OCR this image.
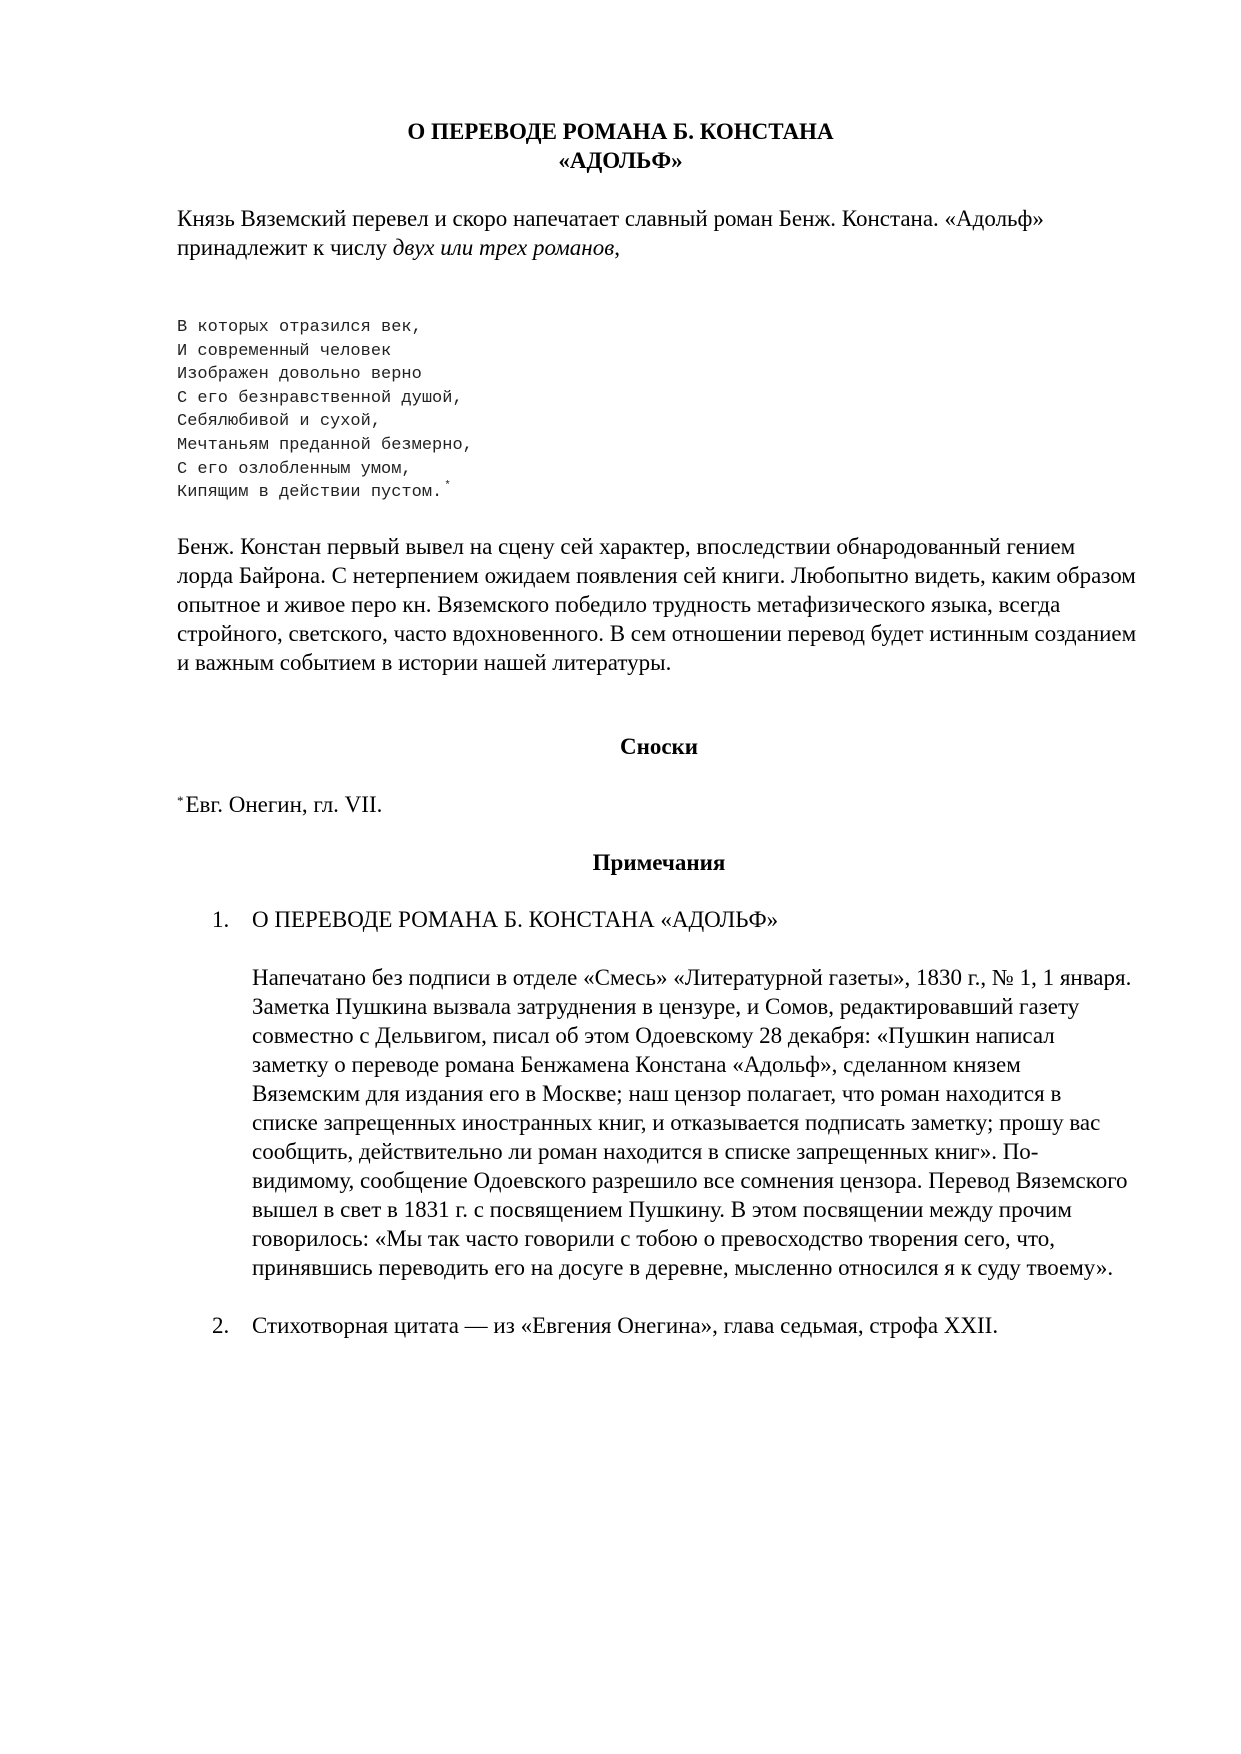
О ПЕРЕВОДЕ РОМАНА Б. КОНСТАНА
«АДОЛЬФ»

Князь Вяземский перевел и скоро напечатает славный роман Бенж. Констана. «Адольф» принадлежит к числу двух или трех романов,

В которых отразился век,
И современный человек
Изображен довольно верно
С его безнравственной душой,
Себялюбивой и сухой,
Мечтаньям преданной безмерно,
С его озлобленным умом,
Кипящим в действии пустом. *

Бенж. Констан первый вывел на сцену сей характер, впоследствии обнародованный гением лорда Байрона. С нетерпением ожидаем появления сей книги. Любопытно видеть, каким образом опытное и живое перо кн. Вяземского победило трудность метафизического языка, всегда стройного, светского, часто вдохновенного. В сем отношении перевод будет истинным созданием и важным событием в истории нашей литературы.

Сноски

*Евг. Онегин, гл. VII.

Примечания
1. О ПЕРЕВОДЕ РОМАНА Б. КОНСТАНА «АДОЛЬФ»
Напечатано без подписи в отделе «Смесь» «Литературной газеты», 1830 г., № 1, 1 января. Заметка Пушкина вызвала затруднения в цензуре, и Сомов, редактировавший газету совместно с Дельвигом, писал об этом Одоевскому 28 декабря: «Пушкин написал заметку о переводе романа Бенжамена Констана «Адольф», сделанном князем Вяземским для издания его в Москве; наш цензор полагает, что роман находится в списке запрещенных иностранных книг, и отказывается подписать заметку; прошу вас сообщить, действительно ли роман находится в списке запрещенных книг». По-видимому, сообщение Одоевского разрешило все сомнения цензора. Перевод Вяземского вышел в свет в 1831 г. с посвящением Пушкину. В этом посвящении между прочим говорилось: «Мы так часто говорили с тобою о превосходство творения сего, что, принявшись переводить его на досуге в деревне, мысленно относился я к суду твоему».
2. Стихотворная цитата — из «Евгения Онегина», глава седьмая, строфа XXII.
